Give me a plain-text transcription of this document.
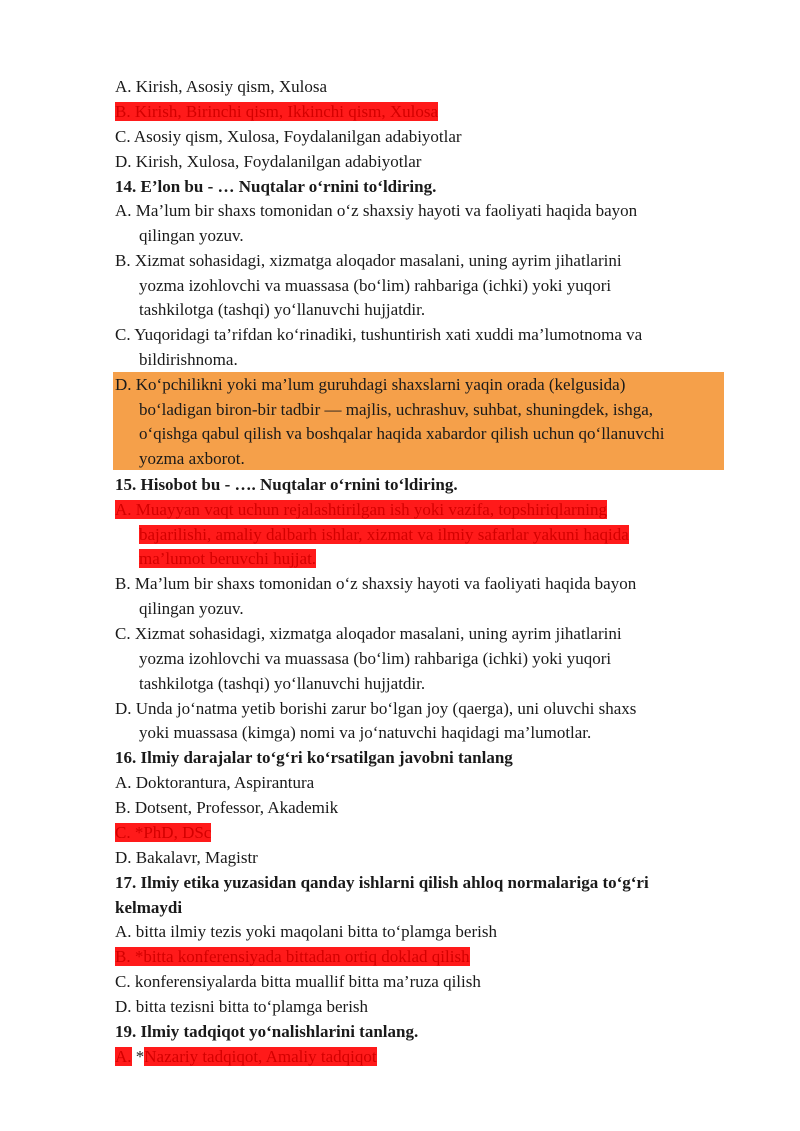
A. Kirish, Asosiy qism, Xulosa
B. Kirish, Birinchi qism, Ikkinchi qism, Xulosa
C. Asosiy qism, Xulosa, Foydalanilgan adabiyotlar
D. Kirish, Xulosa, Foydalanilgan adabiyotlar
14. E’lon bu - … Nuqtalar o‘rnini to‘ldiring.
A. Ma’lum bir shaxs tomonidan o‘z shaxsiy hayoti va faoliyati haqida bayon
qilingan yozuv.
B. Xizmat sohasidagi, xizmatga aloqador masalani, uning ayrim jihatlarini
yozma izohlovchi va muassasa (bo‘lim) rahbariga (ichki) yoki yuqori
tashkilotga (tashqi) yo‘llanuvchi hujjatdir.
C. Yuqoridagi ta’rifdan ko‘rinadiki, tushuntirish xati xuddi ma’lumotnoma va
bildirishnoma.
D. Ko‘pchilikni yoki ma’lum guruhdagi shaxslarni yaqin orada (kelgusida)
bo‘ladigan biron-bir tadbir — majlis, uchrashuv, suhbat, shuningdek, ishga,
o‘qishga qabul qilish va boshqalar haqida xabardor qilish uchun qo‘llanuvchi
yozma axborot.
15. Hisobot bu - …. Nuqtalar o‘rnini to‘ldiring.
A. Muayyan vaqt uchun rejalashtirilgan ish yoki vazifa, topshiriqlarning
bajarilishi, amaliy dalbarh ishlar, xizmat va ilmiy safarlar yakuni haqida
ma’lumot beruvchi hujjat.
B. Ma’lum bir shaxs tomonidan o‘z shaxsiy hayoti va faoliyati haqida bayon
qilingan yozuv.
C. Xizmat sohasidagi, xizmatga aloqador masalani, uning ayrim jihatlarini
yozma izohlovchi va muassasa (bo‘lim) rahbariga (ichki) yoki yuqori
tashkilotga (tashqi) yo‘llanuvchi hujjatdir.
D. Unda jo‘natma yetib borishi zarur bo‘lgan joy (qaerga), uni oluvchi shaxs
yoki muassasa (kimga) nomi va jo‘natuvchi haqidagi ma’lumotlar.
16. Ilmiy darajalar to‘g‘ri ko‘rsatilgan javobni tanlang
A. Doktorantura, Aspirantura
B. Dotsent, Professor, Akademik
C. *PhD, DSc
D. Bakalavr, Magistr
17. Ilmiy etika yuzasidan qanday ishlarni qilish ahloq normalariga to‘g‘ri
kelmaydi
A. bitta ilmiy tezis yoki maqolani bitta to‘plamga berish
B. *bitta konferensiyada bittadan ortiq doklad qilish
C. konferensiyalarda bitta muallif bitta ma’ruza qilish
D. bitta tezisni bitta to‘plamga berish
19. Ilmiy tadqiqot yo‘nalishlarini tanlang.
A. *Nazariy tadqiqot, Amaliy tadqiqot
